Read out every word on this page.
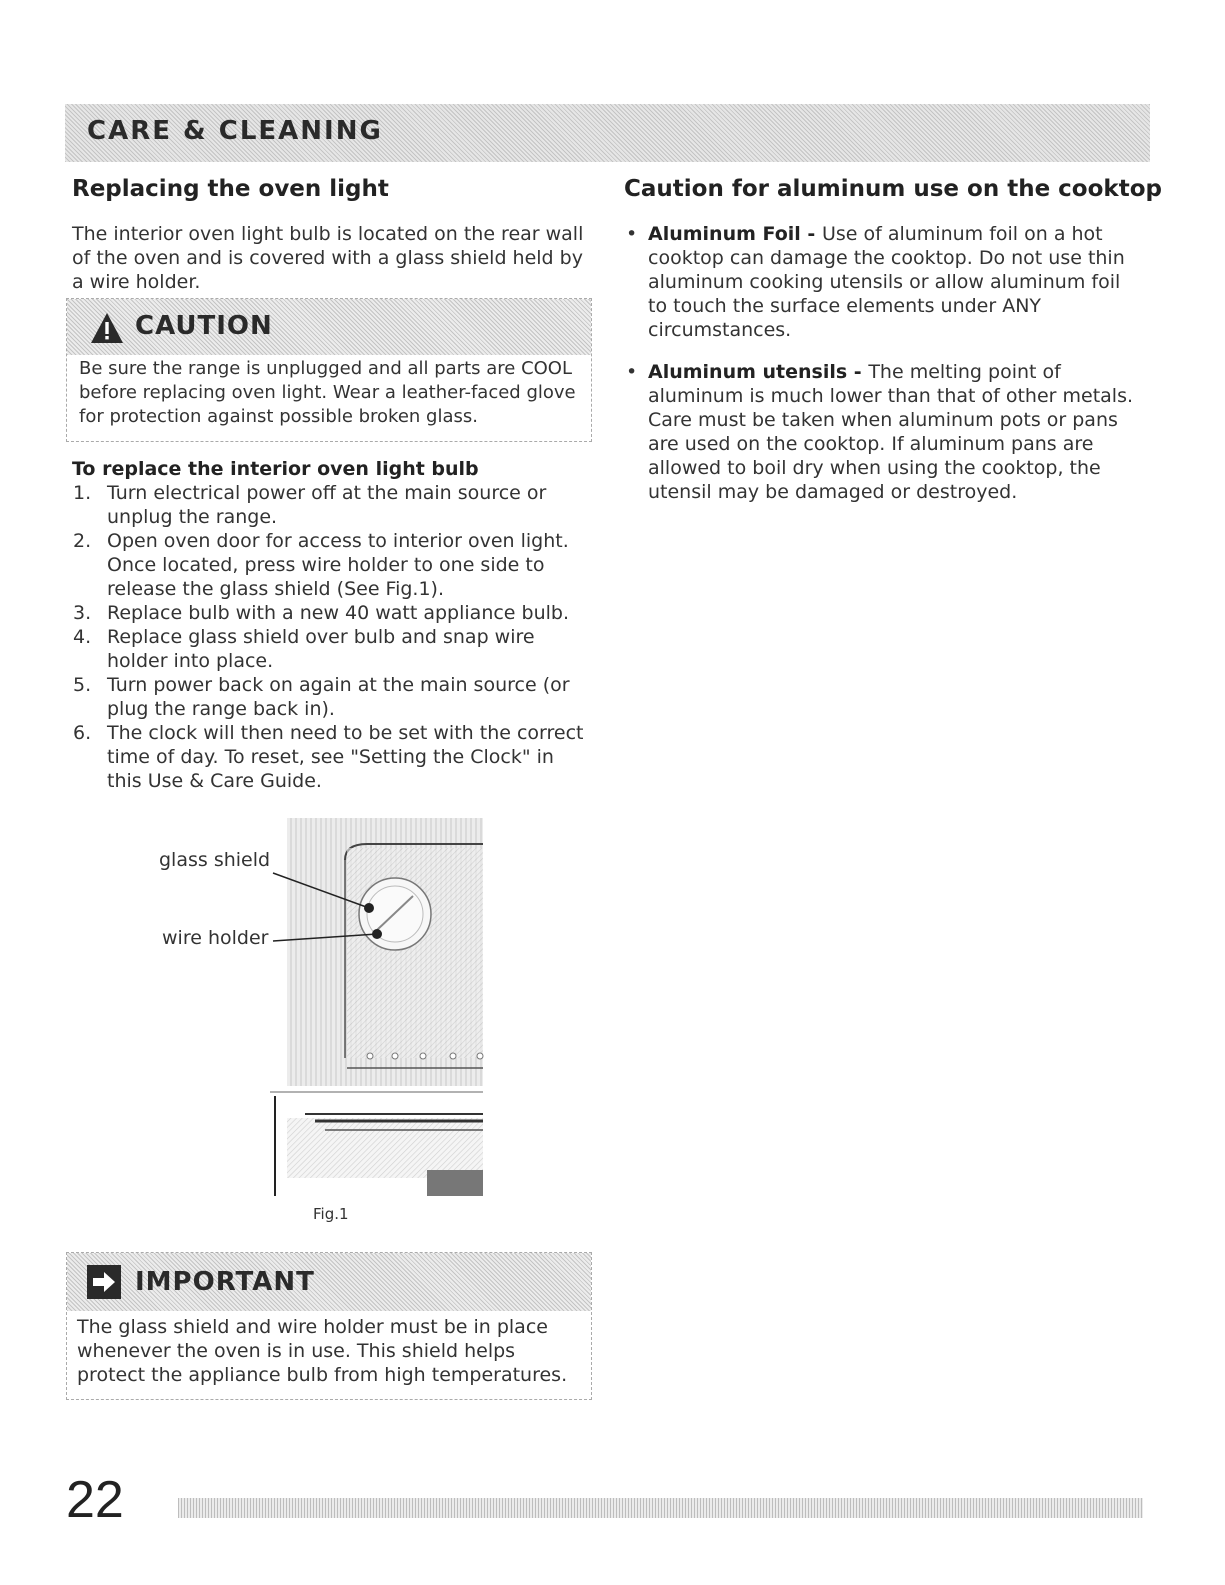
CARE & CLEANING
Replacing the oven light
The interior oven light bulb is located on the rear wall of the oven and is covered with a glass shield held by a wire holder.
CAUTION
Be sure the range is unplugged and all parts are COOL before replacing oven light. Wear a leather-faced glove for protection against possible broken glass.
To replace the interior oven light bulb
1. Turn electrical power off at the main source or unplug the range.
2. Open oven door for access to interior oven light. Once located, press wire holder to one side to release the glass shield (See Fig.1).
3. Replace bulb with a new 40 watt appliance bulb.
4. Replace glass shield over bulb and snap wire holder into place.
5. Turn power back on again at the main source (or plug the range back in).
6. The clock will then need to be set with the correct time of day. To reset, see "Setting the Clock" in this Use & Care Guide.
glass shield
wire holder
Fig.1
IMPORTANT
The glass shield and wire holder must be in place whenever the oven is in use. This shield helps protect the appliance bulb from high temperatures.
Caution for aluminum use on the cooktop
• Aluminum Foil - Use of aluminum foil on a hot cooktop can damage the cooktop. Do not use thin aluminum cooking utensils or allow aluminum foil to touch the surface elements under ANY circumstances.
• Aluminum utensils - The melting point of aluminum is much lower than that of other metals. Care must be taken when aluminum pots or pans are used on the cooktop. If aluminum pans are allowed to boil dry when using the cooktop, the utensil may be damaged or destroyed.
22
